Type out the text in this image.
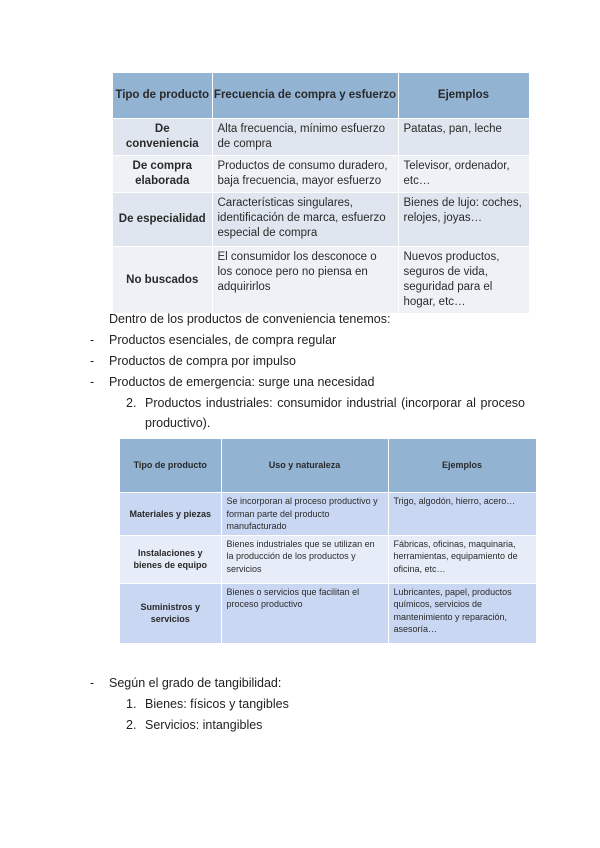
Tipo de producto	Frecuencia de compra y esfuerzo	Ejemplos
De conveniencia	Alta frecuencia, mínimo esfuerzo de compra	Patatas, pan, leche
De compra elaborada	Productos de consumo duradero, baja frecuencia, mayor esfuerzo	Televisor, ordenador, etc…
De especialidad	Características singulares, identificación de marca, esfuerzo especial de compra	Bienes de lujo: coches, relojes, joyas…
No buscados	El consumidor los desconoce o los conoce pero no piensa en adquirirlos	Nuevos productos, seguros de vida, seguridad para el hogar, etc…
Dentro de los productos de conveniencia tenemos:
- Productos esenciales, de compra regular
- Productos de compra por impulso
- Productos de emergencia: surge una necesidad
2. Productos industriales: consumidor industrial (incorporar al proceso
productivo).
Tipo de producto	Uso y naturaleza	Ejemplos
Materiales y piezas	Se incorporan al proceso productivo y forman parte del producto manufacturado	Trigo, algodón, hierro, acero…
Instalaciones y bienes de equipo	Bienes industriales que se utilizan en la producción de los productos y servicios	Fábricas, oficinas, maquinaria, herramientas, equipamiento de oficina, etc…
Suministros y servicios	Bienes o servicios que facilitan el proceso productivo	Lubricantes, papel, productos químicos, servicios de mantenimiento y reparación, asesoría…
- Según el grado de tangibilidad:
1. Bienes: físicos y tangibles
2. Servicios: intangibles
